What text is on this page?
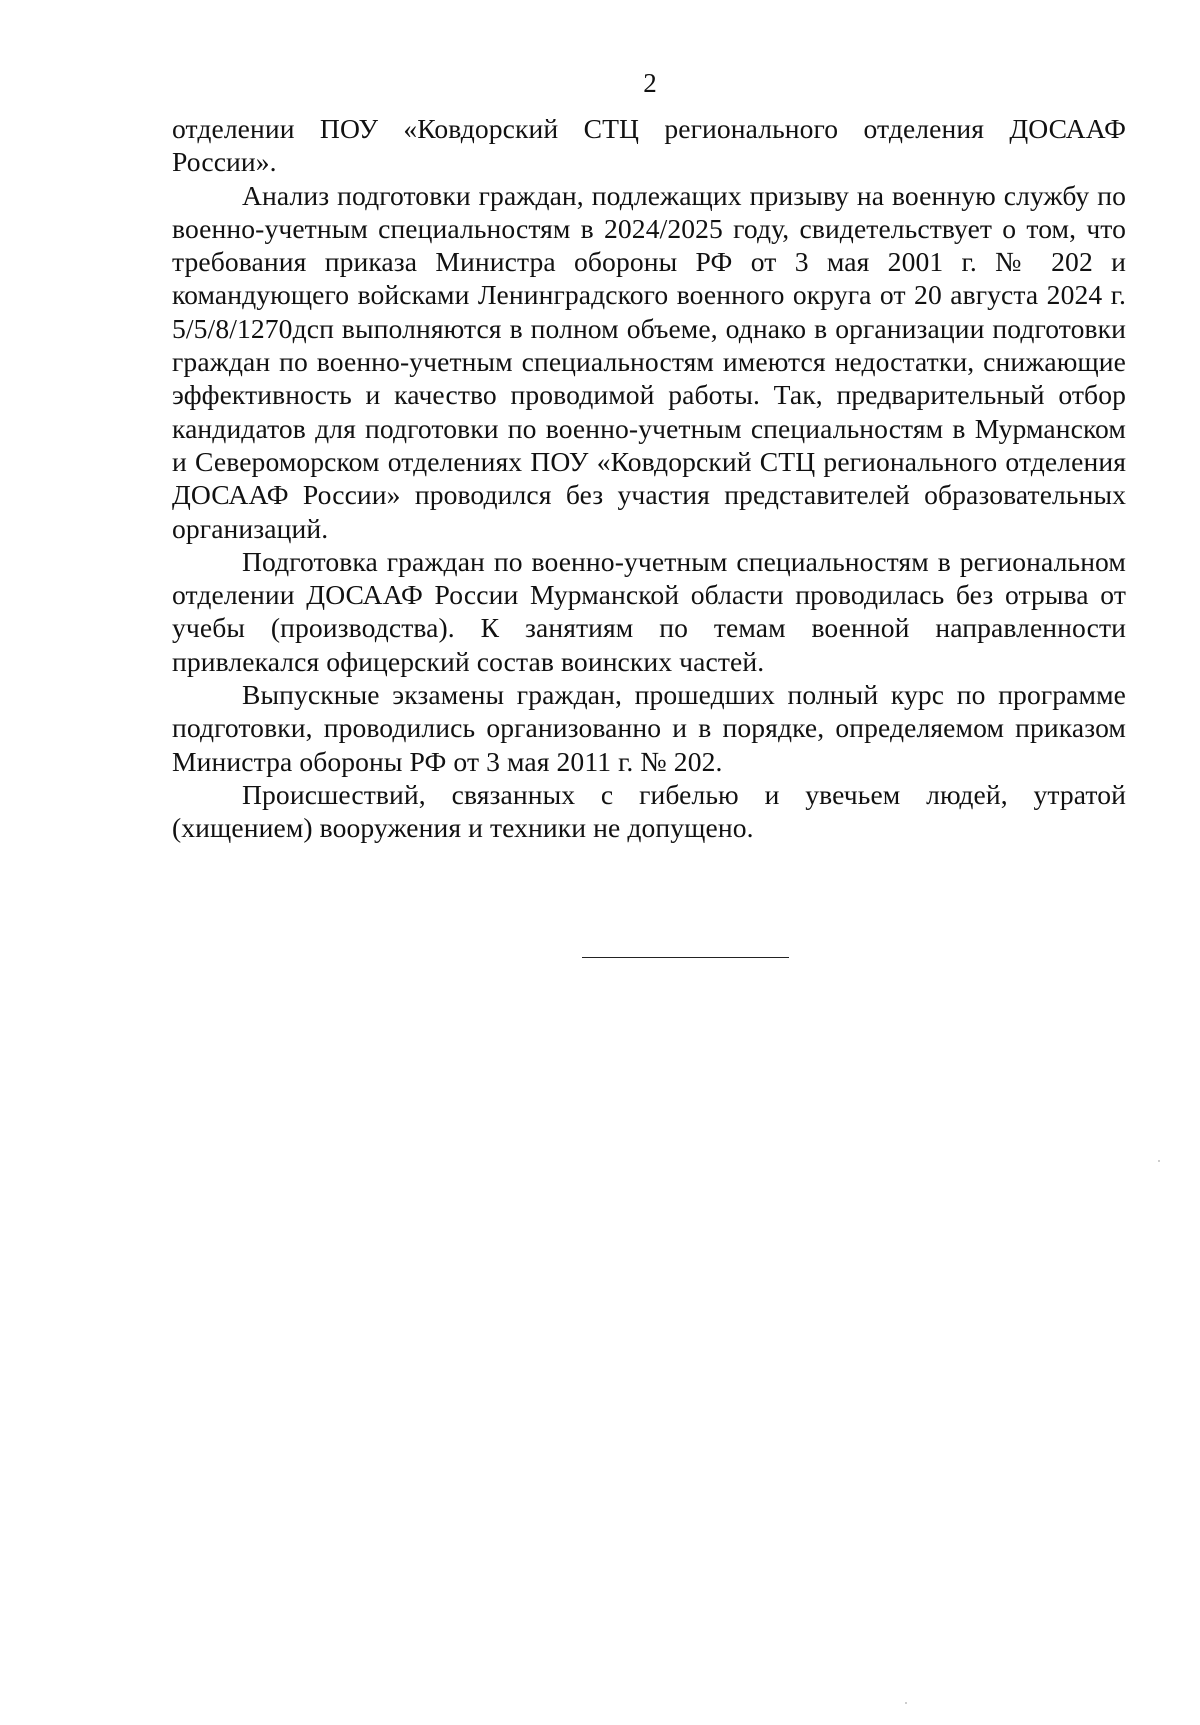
2

отделении ПОУ «Ковдорский СТЦ регионального отделения ДОСААФ России».

Анализ подготовки граждан, подлежащих призыву на военную службу по военно-учетным специальностям в 2024/2025 году, свидетельствует о том, что требования приказа Министра обороны РФ от 3 мая 2001 г. № 202 и командующего войсками Ленинградского военного округа от 20 августа 2024 г. 5/5/8/1270дсп выполняются в полном объеме, однако в организации подготовки граждан по военно-учетным специальностям имеются недостатки, снижающие эффективность и качество проводимой работы. Так, предварительный отбор кандидатов для подготовки по военно-учетным специальностям в Мурманском и Североморском отделениях ПОУ «Ковдорский СТЦ регионального отделения ДОСААФ России» проводился без участия представителей образовательных организаций.

Подготовка граждан по военно-учетным специальностям в региональном отделении ДОСААФ России Мурманской области проводилась без отрыва от учебы (производства). К занятиям по темам военной направленности привлекался офицерский состав воинских частей.

Выпускные экзамены граждан, прошедших полный курс по программе подготовки, проводились организованно и в порядке, определяемом приказом Министра обороны РФ от 3 мая 2011 г. № 202.

Происшествий, связанных с гибелью и увечьем людей, утратой (хищением) вооружения и техники не допущено.
